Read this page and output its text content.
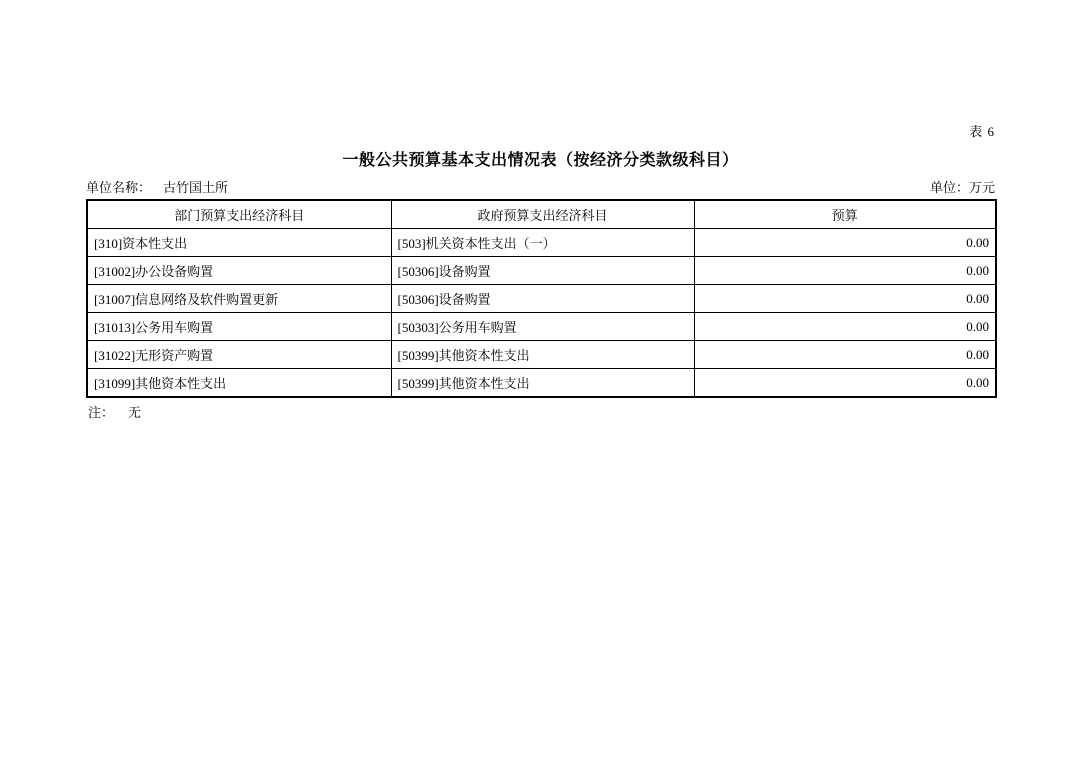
表 6
一般公共预算基本支出情况表（按经济分类款级科目）
单位名称： 古竹国土所	单位：万元
部门预算支出经济科目	政府预算支出经济科目	预算
[310]资本性支出	[503]机关资本性支出（一）	0.00
[31002]办公设备购置	[50306]设备购置	0.00
[31007]信息网络及软件购置更新	[50306]设备购置	0.00
[31013]公务用车购置	[50303]公务用车购置	0.00
[31022]无形资产购置	[50399]其他资本性支出	0.00
[31099]其他资本性支出	[50399]其他资本性支出	0.00
注： 无
